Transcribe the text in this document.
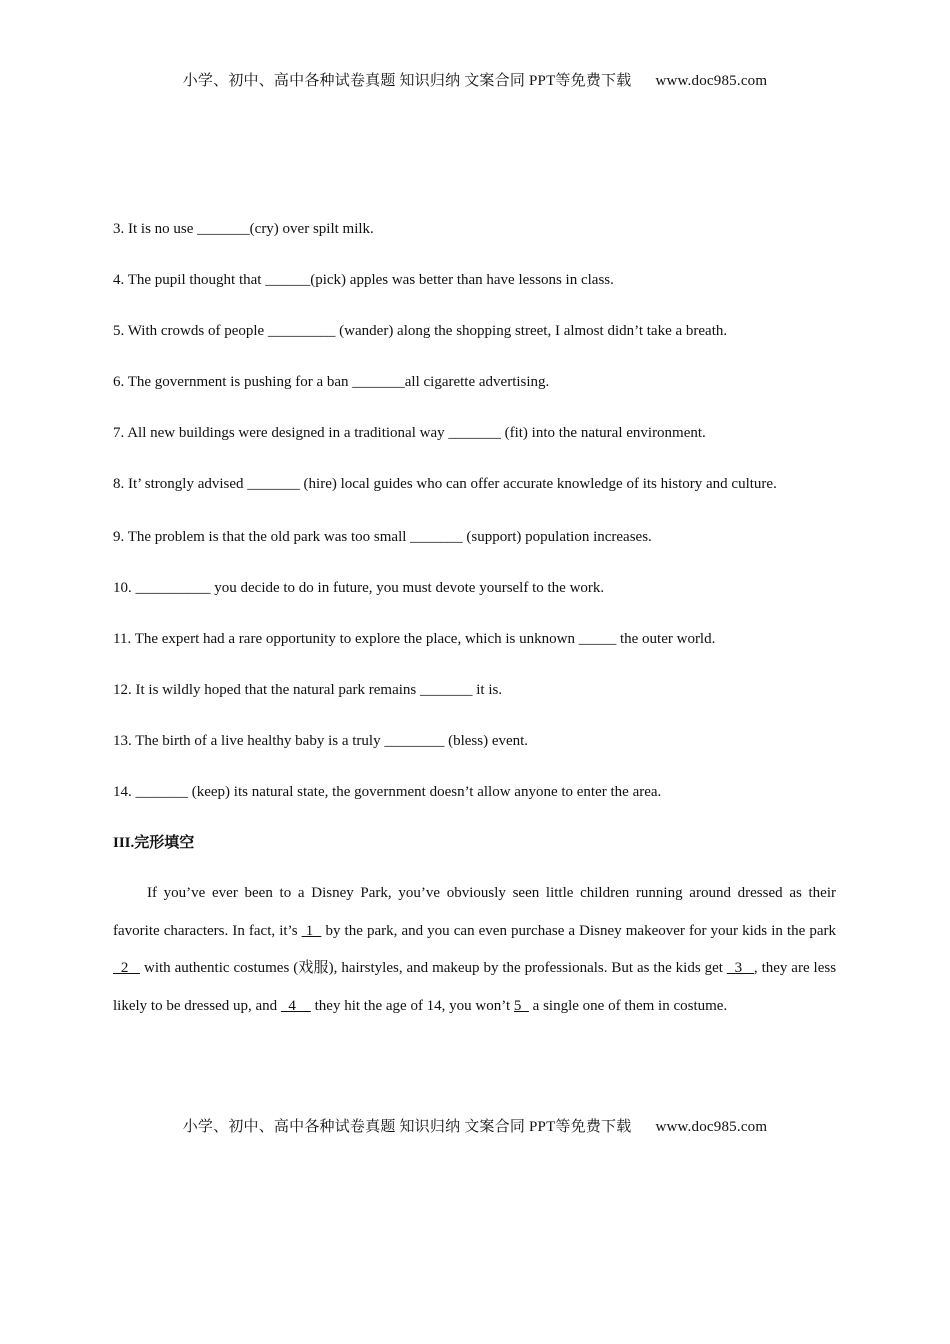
小学、初中、高中各种试卷真题 知识归纳 文案合同 PPT等免费下载 www.doc985.com
3. It is no use _______(cry) over spilt milk.
4. The pupil thought that ______(pick) apples was better than have lessons in class.
5. With crowds of people _________ (wander) along the shopping street, I almost didn’t take a breath.
6. The government is pushing for a ban _______all cigarette advertising.
7. All new buildings were designed in a traditional way _______ (fit) into the natural environment.
8. It’ strongly advised _______ (hire) local guides who can offer accurate knowledge of its history and culture.
9. The problem is that the old park was too small _______ (support) population increases.
10. __________ you decide to do in future, you must devote yourself to the work.
11. The expert had a rare opportunity to explore the place, which is unknown _____ the outer world.
12. It is wildly hoped that the natural park remains _______ it is.
13. The birth of a live healthy baby is a truly ________ (bless) event.
14. _______ (keep) its natural state, the government doesn’t allow anyone to enter the area.
III.完形填空
If you’ve ever been to a Disney Park, you’ve obviously seen little children running around dressed as their favorite characters. In fact, it’s  1   by the park, and you can even purchase a Disney makeover for your kids in the park   2    with authentic costumes (戏服), hairstyles, and makeup by the professionals. But as the kids get   3   , they are less likely to be dressed up, and   4     they hit the age of 14, you won’t 5   a single one of them in costume.
小学、初中、高中各种试卷真题 知识归纳 文案合同 PPT等免费下载 www.doc985.com
